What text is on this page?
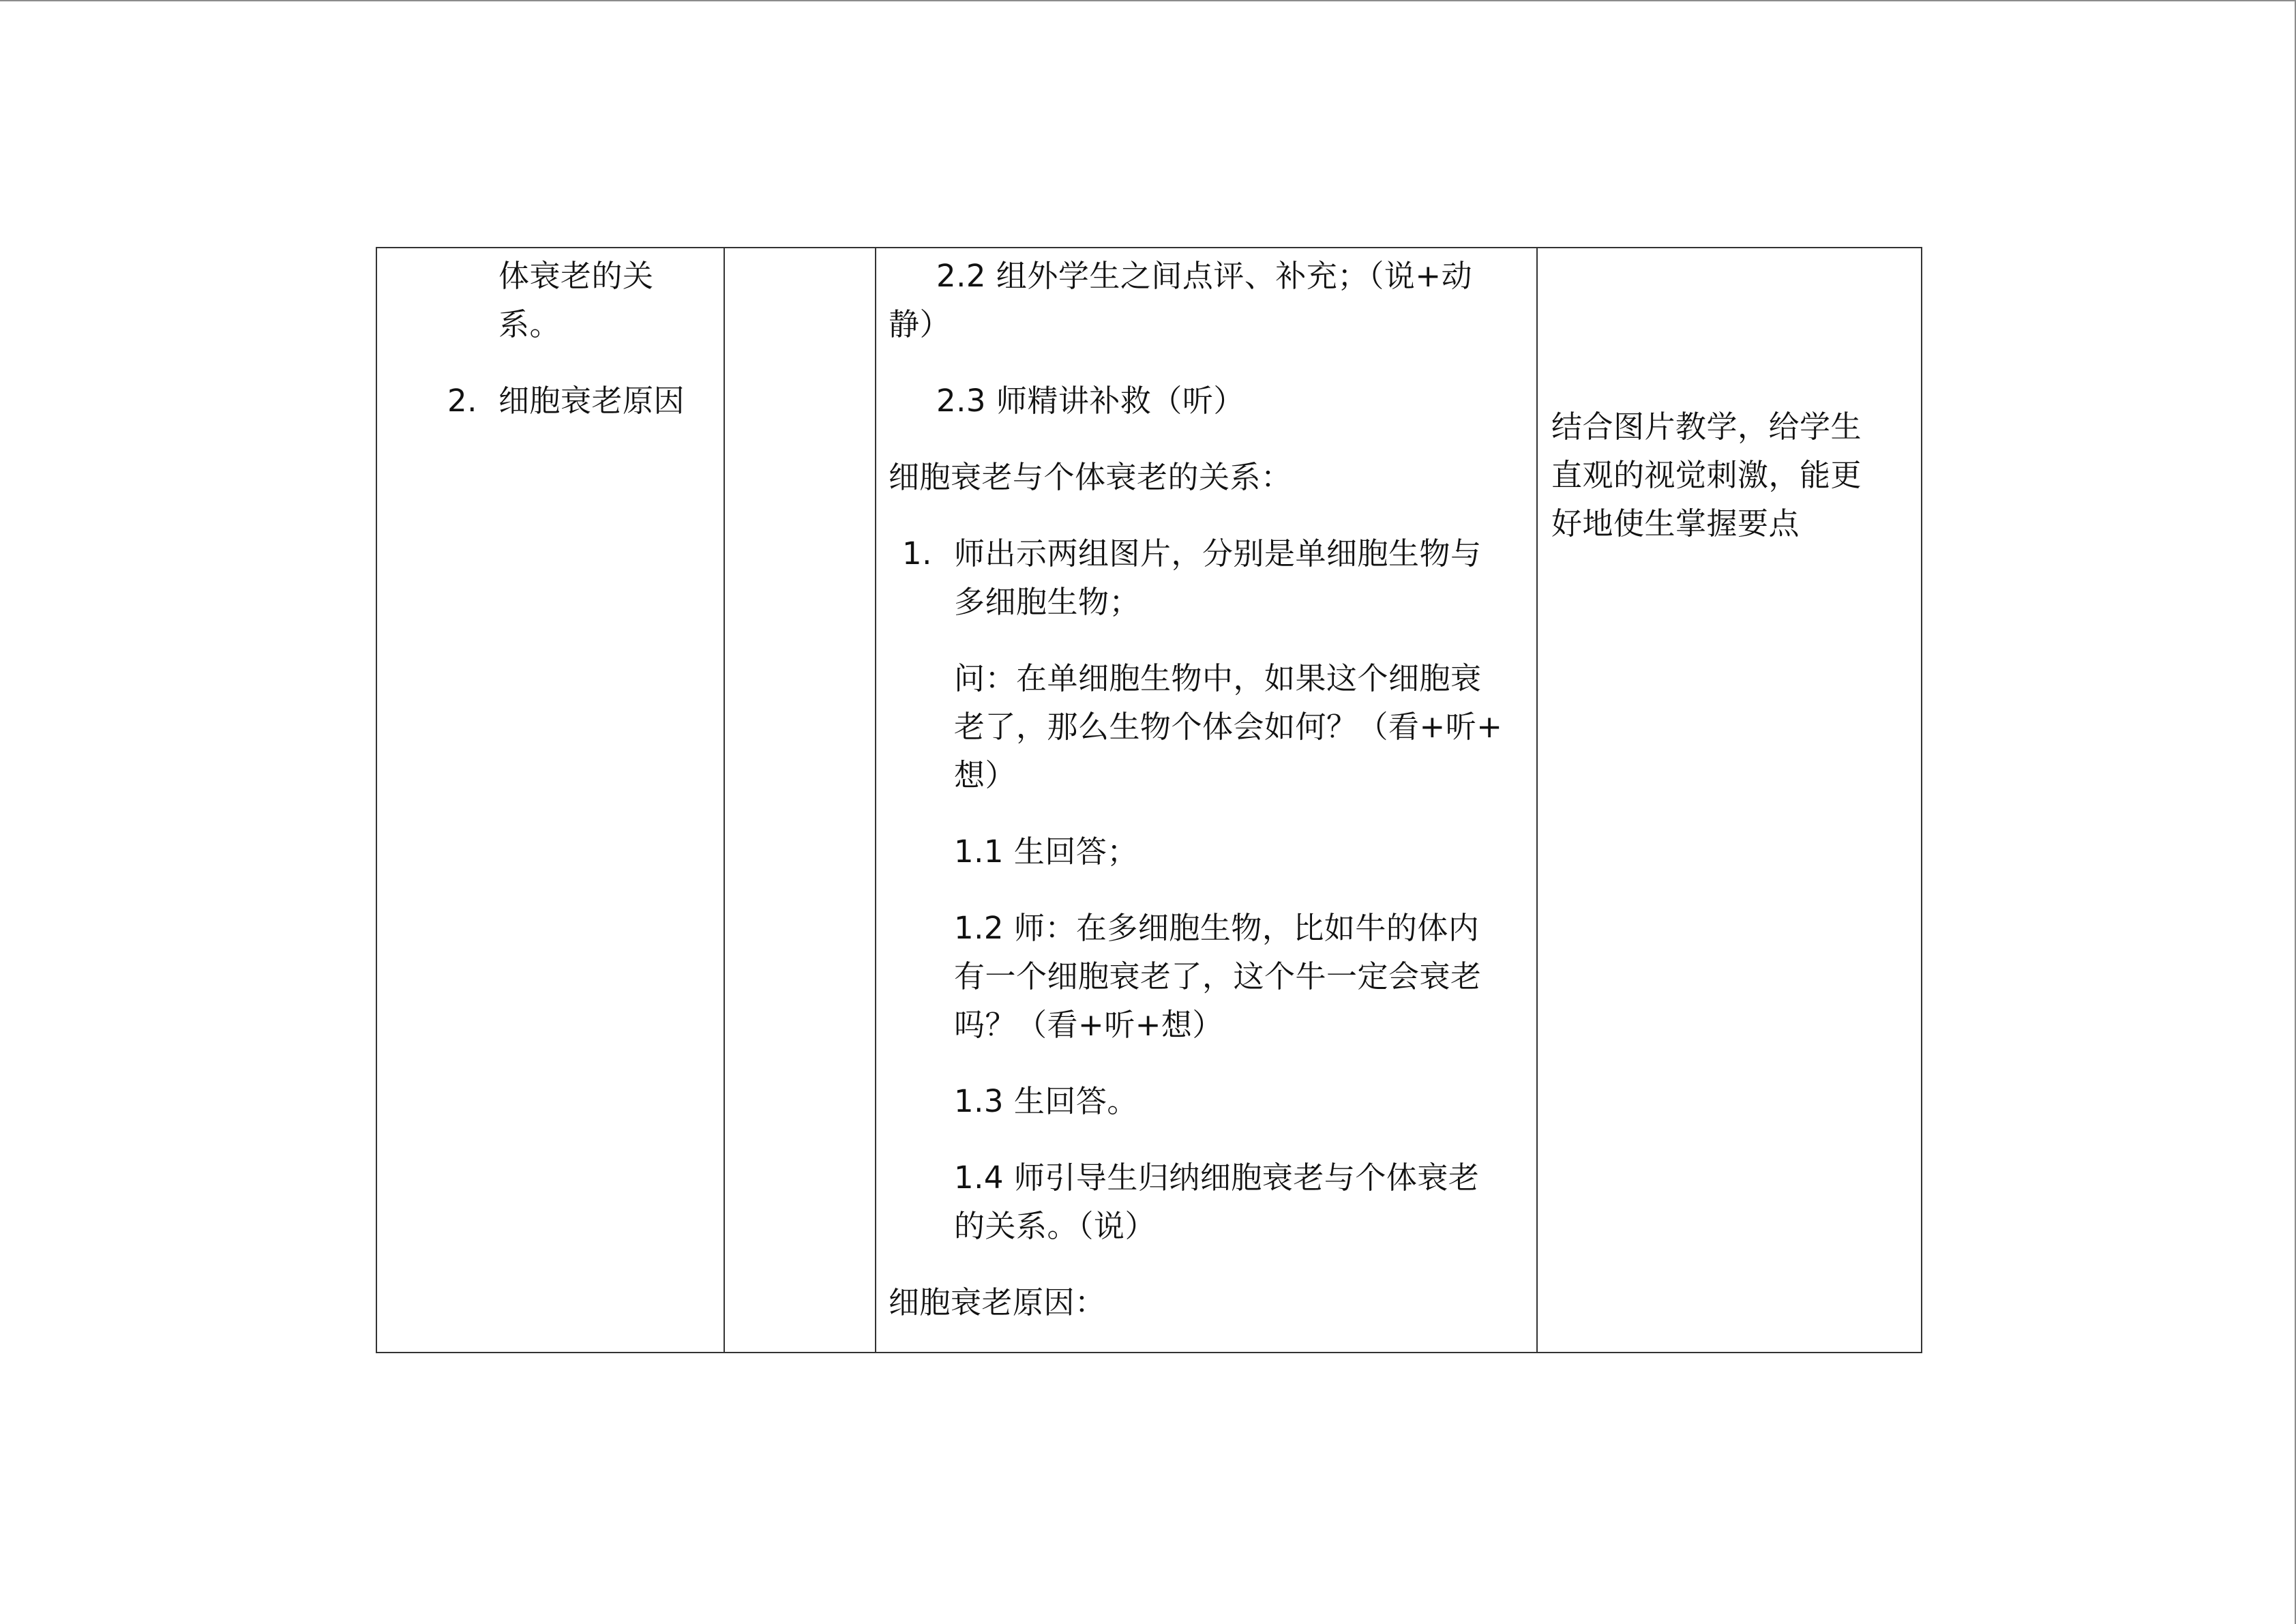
体衰老的关
系。
2. 细胞衰老原因
2.2 组外学生之间点评、补充；（说+动
静）
2.3 师精讲补救（听）
细胞衰老与个体衰老的关系：
1. 师出示两组图片，分别是单细胞生物与
多细胞生物；
问：在单细胞生物中，如果这个细胞衰
老了，那么生物个体会如何？（看+听+
想）
1.1 生回答；
1.2 师：在多细胞生物，比如牛的体内
有一个细胞衰老了，这个牛一定会衰老
吗？（看+听+想）
1.3 生回答。
1.4 师引导生归纳细胞衰老与个体衰老
的关系。（说）
细胞衰老原因：
结合图片教学，给学生
直观的视觉刺激，能更
好地使生掌握要点
